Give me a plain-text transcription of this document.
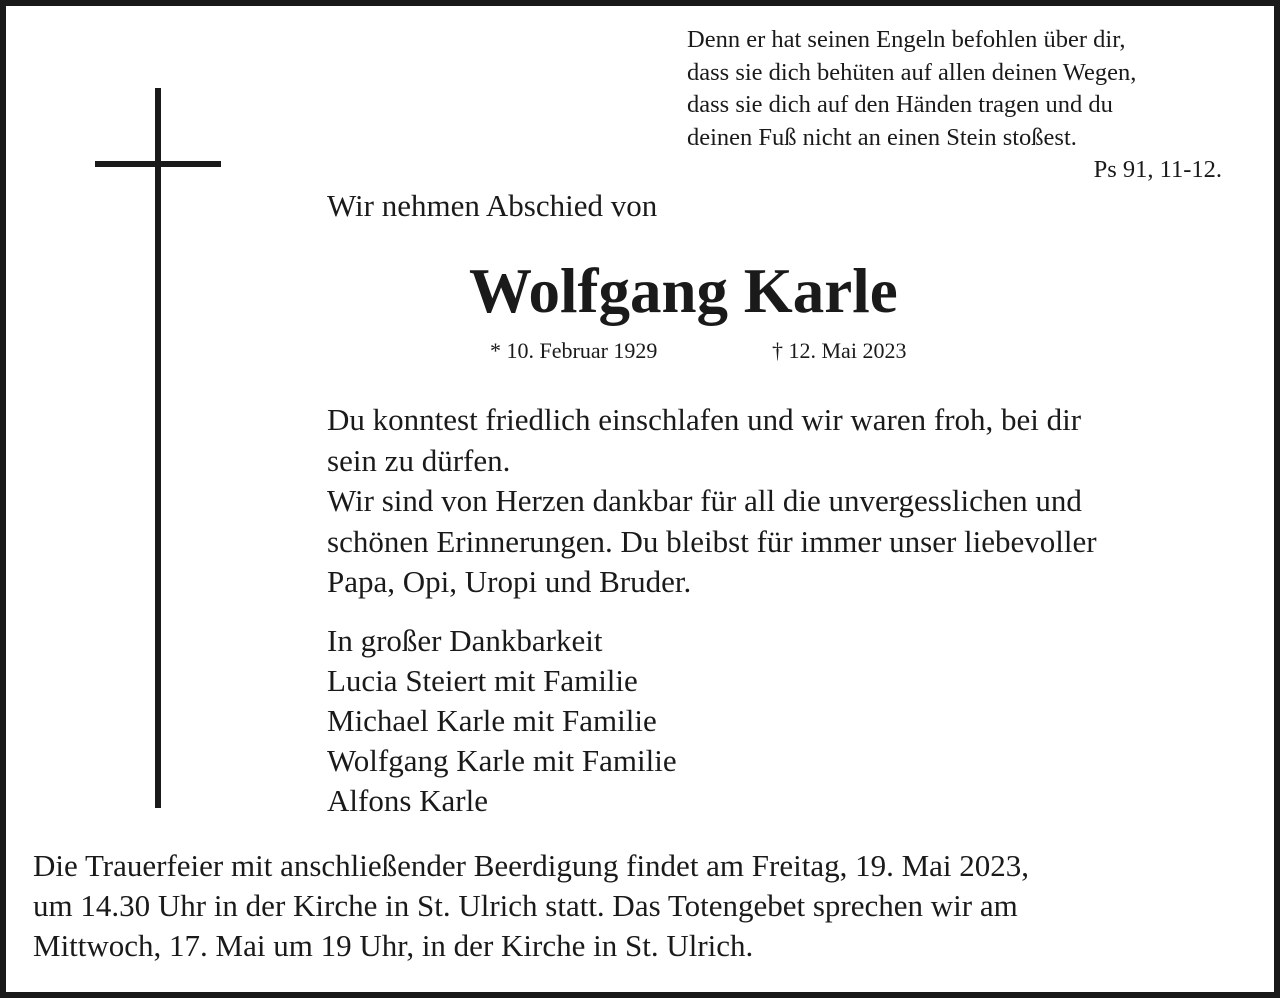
Denn er hat seinen Engeln befohlen über dir,
dass sie dich behüten auf allen deinen Wegen,
dass sie dich auf den Händen tragen und du
deinen Fuß nicht an einen Stein stoßest.
Ps 91, 11-12.
Wir nehmen Abschied von
Wolfgang Karle
* 10. Februar 1929	† 12. Mai 2023
Du konntest friedlich einschlafen und wir waren froh, bei dir
sein zu dürfen.
Wir sind von Herzen dankbar für all die unvergesslichen und
schönen Erinnerungen. Du bleibst für immer unser liebevoller
Papa, Opi, Uropi und Bruder.
In großer Dankbarkeit
Lucia Steiert mit Familie
Michael Karle mit Familie
Wolfgang Karle mit Familie
Alfons Karle
Die Trauerfeier mit anschließender Beerdigung findet am Freitag, 19. Mai 2023,
um 14.30 Uhr in der Kirche in St. Ulrich statt. Das Totengebet sprechen wir am
Mittwoch, 17. Mai um 19 Uhr, in der Kirche in St. Ulrich.
